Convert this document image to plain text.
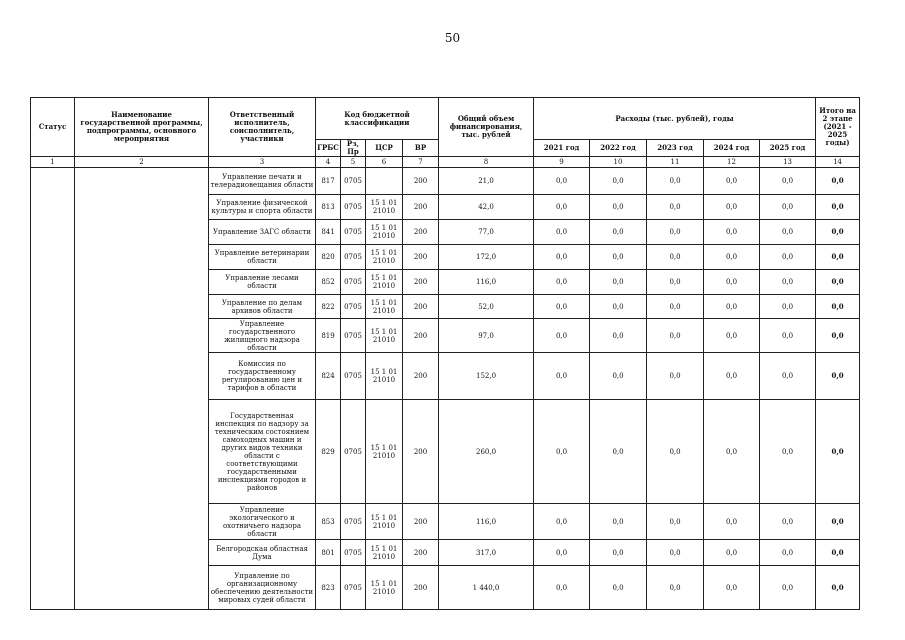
50
Статус	Наименование государственной программы, подпрограммы, основного мероприятия	Ответственный исполнитель, соисполнитель, участники	Код бюджетной классификации				Общий объем финансирования, тыс. рублей	Расходы (тыс. рублей), годы					Итого на 2 этапе (2021 - 2025 годы)
			ГРБС	Рз, Пр	ЦСР	ВР		2021 год	2022 год	2023 год	2024 год	2025 год	
1	2	3	4	5	6	7	8	9	10	11	12	13	14
		Управление печати и телерадиовещания области	817	0705		200	21,0	0,0	0,0	0,0	0,0	0,0	0,0
		Управление физической культуры и спорта области	813	0705	15 1 01 21010	200	42,0	0,0	0,0	0,0	0,0	0,0	0,0
		Управление ЗАГС области	841	0705	15 1 01 21010	200	77,0	0,0	0,0	0,0	0,0	0,0	0,0
		Управление ветеринарии области	820	0705	15 1 01 21010	200	172,0	0,0	0,0	0,0	0,0	0,0	0,0
		Управление лесами области	852	0705	15 1 01 21010	200	116,0	0,0	0,0	0,0	0,0	0,0	0,0
		Управление по делам архивов области	822	0705	15 1 01 21010	200	52,0	0,0	0,0	0,0	0,0	0,0	0,0
		Управление государственного жилищного надзора области	819	0705	15 1 01 21010	200	97,0	0,0	0,0	0,0	0,0	0,0	0,0
		Комиссия по государственному регулированию цен и тарифов в области	824	0705	15 1 01 21010	200	152,0	0,0	0,0	0,0	0,0	0,0	0,0
		Государственная инспекция по надзору за техническим состоянием самоходных машин и других видов техники области с соответствующими государственными инспекциями городов и районов	829	0705	15 1 01 21010	200	260,0	0,0	0,0	0,0	0,0	0,0	0,0
		Управление экологического и охотничьего надзора области	853	0705	15 1 01 21010	200	116,0	0,0	0,0	0,0	0,0	0,0	0,0
		Белгородская областная Дума	801	0705	15 1 01 21010	200	317,0	0,0	0,0	0,0	0,0	0,0	0,0
		Управление по организационному обеспечению деятельности мировых судей области	823	0705	15 1 01 21010	200	1 440,0	0,0	0,0	0,0	0,0	0,0	0,0
